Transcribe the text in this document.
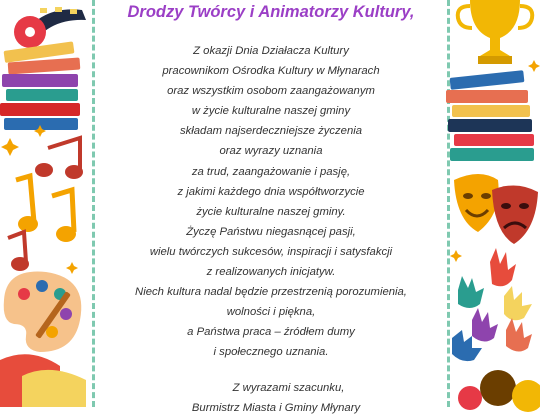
Drodzy Twórcy i Animatorzy Kultury,
Z okazji Dnia Działacza Kultury
pracownikom Ośrodka Kultury w Młynarach
oraz wszystkim osobom zaangażowanym
w życie kulturalne naszej gminy
składam najserdeczniejsze życzenia
oraz wyrazy uznania
za trud, zaangażowanie i pasję,
z jakimi każdego dnia współtworzycie
życie kulturalne naszej gminy.
Życzę Państwu niegasnącej pasji,
wielu twórczych sukcesów, inspiracji i satysfakcji
z realizowanych inicjatyw.
Niech kultura nadal będzie przestrzenią porozumienia,
wolności i piękna,
a Państwa praca – źródłem dumy
i społecznego uznania.
Z wyrazami szacunku,
Burmistrz Miasta i Gminy Młynary
